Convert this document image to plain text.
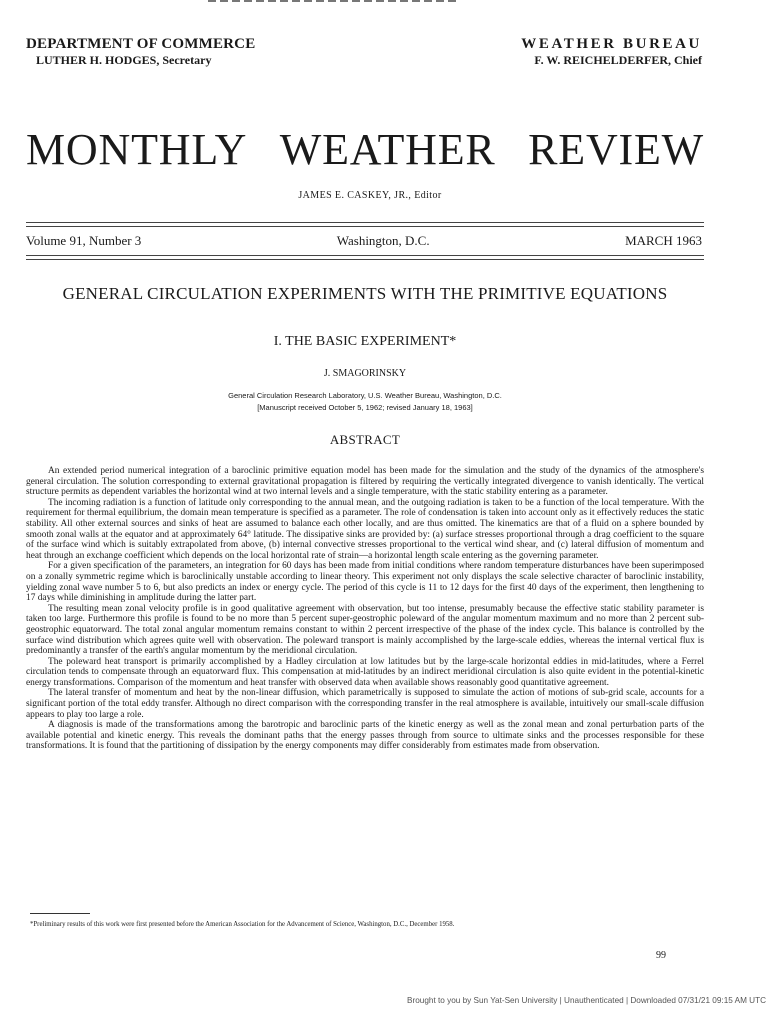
DEPARTMENT OF COMMERCE
LUTHER H. HODGES, Secretary
WEATHER BUREAU
F. W. REICHELDERFER, Chief
MONTHLY WEATHER REVIEW
JAMES E. CASKEY, JR., Editor
Volume 91, Number 3	Washington, D.C.	MARCH 1963
GENERAL CIRCULATION EXPERIMENTS WITH THE PRIMITIVE EQUATIONS
I. THE BASIC EXPERIMENT*
J. SMAGORINSKY
General Circulation Research Laboratory, U.S. Weather Bureau, Washington, D.C.
[Manuscript received October 5, 1962; revised January 18, 1963]
ABSTRACT

An extended period numerical integration of a baroclinic primitive equation model has been made for the simulation and the study of the dynamics of the atmosphere's general circulation. The solution corresponding to external gravitational propagation is filtered by requiring the vertically integrated divergence to vanish identically. The vertical structure permits as dependent variables the horizontal wind at two internal levels and a single temperature, with the static stability entering as a parameter.

The incoming radiation is a function of latitude only corresponding to the annual mean, and the outgoing radiation is taken to be a function of the local temperature. With the requirement for thermal equilibrium, the domain mean temperature is specified as a parameter. The role of condensation is taken into account only as it effectively reduces the static stability. All other external sources and sinks of heat are assumed to balance each other locally, and are thus omitted. The kinematics are that of a fluid on a sphere bounded by smooth zonal walls at the equator and at approximately 64° latitude. The dissipative sinks are provided by: (a) surface stresses proportional through a drag coefficient to the square of the surface wind which is suitably extrapolated from above, (b) internal convective stresses proportional to the vertical wind shear, and (c) lateral diffusion of momentum and heat through an exchange coefficient which depends on the local horizontal rate of strain—a horizontal length scale entering as the governing parameter.

For a given specification of the parameters, an integration for 60 days has been made from initial conditions where random temperature disturbances have been superimposed on a zonally symmetric regime which is baroclinically unstable according to linear theory. This experiment not only displays the scale selective character of baroclinic instability, yielding zonal wave number 5 to 6, but also predicts an index or energy cycle. The period of this cycle is 11 to 12 days for the first 40 days of the experiment, then lengthening to 17 days while diminishing in amplitude during the latter part.

The resulting mean zonal velocity profile is in good qualitative agreement with observation, but too intense, presumably because the effective static stability parameter is taken too large. Furthermore this profile is found to be no more than 5 percent super-geostrophic poleward of the angular momentum maximum and no more than 2 percent sub-geostrophic equatorward. The total zonal angular momentum remains constant to within 2 percent irrespective of the phase of the index cycle. This balance is controlled by the surface wind distribution which agrees quite well with observation. The poleward transport is mainly accomplished by the large-scale eddies, whereas the internal vertical flux is predominantly a transfer of the earth's angular momentum by the meridional circulation.

The poleward heat transport is primarily accomplished by a Hadley circulation at low latitudes but by the large-scale horizontal eddies in mid-latitudes, where a Ferrel circulation tends to compensate through an equatorward flux. This compensation at mid-latitudes by an indirect meridional circulation is also quite evident in the potential-kinetic energy transformations. Comparison of the momentum and heat transfer with observed data when available shows reasonably good quantitative agreement.

The lateral transfer of momentum and heat by the non-linear diffusion, which parametrically is supposed to simulate the action of motions of sub-grid scale, accounts for a significant portion of the total eddy transfer. Although no direct comparison with the corresponding transfer in the real atmosphere is available, intuitively our small-scale diffusion appears to play too large a role.

A diagnosis is made of the transformations among the barotropic and baroclinic parts of the kinetic energy as well as the zonal mean and zonal perturbation parts of the available potential and kinetic energy. This reveals the dominant paths that the energy passes through from source to ultimate sinks and the processes responsible for these transformations. It is found that the partitioning of dissipation by the energy components may differ considerably from estimates made from observation.

*Preliminary results of this work were first presented before the American Association for the Advancement of Science, Washington, D.C., December 1958.
99
Brought to you by Sun Yat-Sen University | Unauthenticated | Downloaded 07/31/21 09:15 AM UTC
